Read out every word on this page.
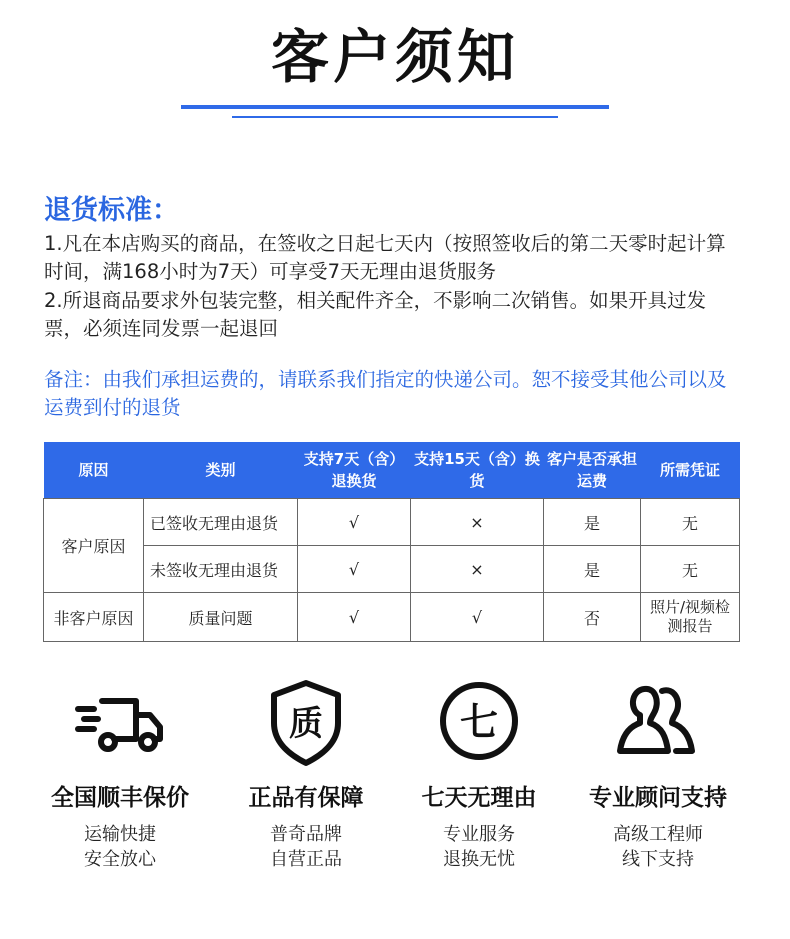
客户须知
退货标准：
1.凡在本店购买的商品，在签收之日起七天内（按照签收后的第二天零时起计算时间，满168小时为7天）可享受7天无理由退货服务
2.所退商品要求外包装完整，相关配件齐全，不影响二次销售。如果开具过发票，必须连同发票一起退回
备注：由我们承担运费的，请联系我们指定的快递公司。恕不接受其他公司以及运费到付的退货
原因	类别	支持7天（含）退换货	支持15天（含）换货	客户是否承担运费	所需凭证
客户原因	已签收无理由退货	√	×	是	无
	未签收无理由退货	√	×	是	无
非客户原因	质量问题	√	√	否	照片/视频检测报告
全国顺丰保价
运输快捷
安全放心
质
正品有保障
普奇品牌
自营正品
七
七天无理由
专业服务
退换无忧
专业顾问支持
高级工程师
线下支持
